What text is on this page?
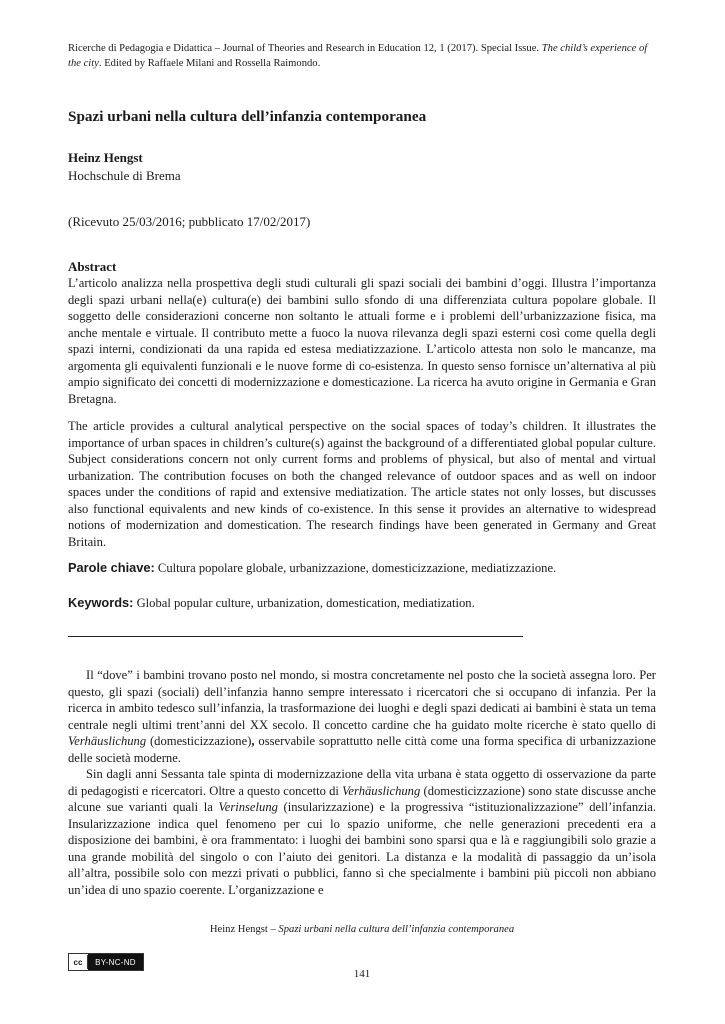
Ricerche di Pedagogia e Didattica – Journal of Theories and Research in Education 12, 1 (2017). Special Issue. The child’s experience of the city. Edited by Raffaele Milani and Rossella Raimondo.
Spazi urbani nella cultura dell’infanzia contemporanea
Heinz Hengst
Hochschule di Brema
(Ricevuto 25/03/2016; pubblicato 17/02/2017)
Abstract

L’articolo analizza nella prospettiva degli studi culturali gli spazi sociali dei bambini d’oggi. Illustra l’importanza degli spazi urbani nella(e) cultura(e) dei bambini sullo sfondo di una differenziata cultura popolare globale. Il soggetto delle considerazioni concerne non soltanto le attuali forme e i problemi dell’urbanizzazione fisica, ma anche mentale e virtuale. Il contributo mette a fuoco la nuova rilevanza degli spazi esterni così come quella degli spazi interni, condizionati da una rapida ed estesa mediatizzazione. L’articolo attesta non solo le mancanze, ma argomenta gli equivalenti funzionali e le nuove forme di co-esistenza. In questo senso fornisce un’alternativa al più ampio significato dei concetti di modernizzazione e domesticazione. La ricerca ha avuto origine in Germania e Gran Bretagna.

The article provides a cultural analytical perspective on the social spaces of today’s children. It illustrates the importance of urban spaces in children’s culture(s) against the background of a differentiated global popular culture. Subject considerations concern not only current forms and problems of physical, but also of mental and virtual urbanization. The contribution focuses on both the changed relevance of outdoor spaces and as well on indoor spaces under the conditions of rapid and extensive mediatization. The article states not only losses, but discusses also functional equivalents and new kinds of co-existence. In this sense it provides an alternative to widespread notions of modernization and domestication. The research findings have been generated in Germany and Great Britain.

Parole chiave: Cultura popolare globale, urbanizzazione, domesticizzazione, mediatizzazione.
Keywords: Global popular culture, urbanization, domestication, mediatization.

Il “dove” i bambini trovano posto nel mondo, si mostra concretamente nel posto che la società assegna loro. Per questo, gli spazi (sociali) dell’infanzia hanno sempre interessato i ricercatori che si occupano di infanzia. Per la ricerca in ambito tedesco sull’infanzia, la trasformazione dei luoghi e degli spazi dedicati ai bambini è stata un tema centrale negli ultimi trent’anni del XX secolo. Il concetto cardine che ha guidato molte ricerche è stato quello di Verhäuslichung (domesticizzazione), osservabile soprattutto nelle città come una forma specifica di urbanizzazione delle società moderne.

Sin dagli anni Sessanta tale spinta di modernizzazione della vita urbana è stata oggetto di osservazione da parte di pedagogisti e ricercatori. Oltre a questo concetto di Verhäuslichung (domesticizzazione) sono state discusse anche alcune sue varianti quali la Verinselung (insularizzazione) e la progressiva “istituzionalizzazione” dell’infanzia. Insularizzazione indica quel fenomeno per cui lo spazio uniforme, che nelle generazioni precedenti era a disposizione dei bambini, è ora frammentato: i luoghi dei bambini sono sparsi qua e là e raggiungibili solo grazie a una grande mobilità del singolo o con l’aiuto dei genitori. La distanza e la modalità di passaggio da un’isola all’altra, possibile solo con mezzi privati o pubblici, fanno sì che specialmente i bambini più piccoli non abbiano un’idea di uno spazio coerente. L’organizzazione e

Heinz Hengst – Spazi urbani nella cultura dell’infanzia contemporanea
cc	BY-NC-ND
141
